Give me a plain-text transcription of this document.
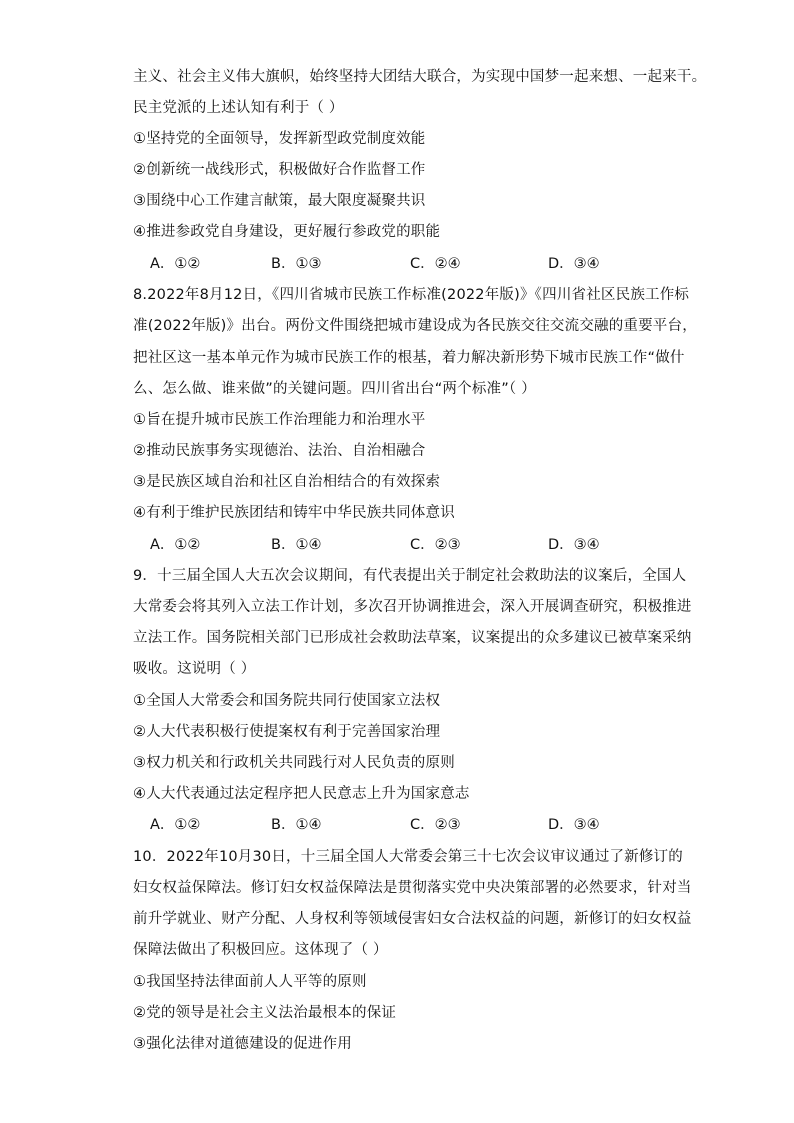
主义、社会主义伟大旗帜，始终坚持大团结大联合，为实现中国梦一起来想、一起来干。
民主党派的上述认知有利于（ ）
①坚持党的全面领导，发挥新型政党制度效能
②创新统一战线形式，积极做好合作监督工作
③围绕中心工作建言献策，最大限度凝聚共识
④推进参政党自身建设，更好履行参政党的职能
A．①②	B．①③	C．②④	D．③④
8.2022年8月12日，《四川省城市民族工作标准(2022年版)》《四川省社区民族工作标
准(2022年版)》出台。两份文件围绕把城市建设成为各民族交往交流交融的重要平台，
把社区这一基本单元作为城市民族工作的根基，着力解决新形势下城市民族工作“做什
么、怎么做、谁来做”的关键问题。四川省出台“两个标准”（ ）
①旨在提升城市民族工作治理能力和治理水平
②推动民族事务实现德治、法治、自治相融合
③是民族区域自治和社区自治相结合的有效探索
④有利于维护民族团结和铸牢中华民族共同体意识
A．①②	B．①④	C．②③	D．③④
9．十三届全国人大五次会议期间，有代表提出关于制定社会救助法的议案后，全国人
大常委会将其列入立法工作计划，多次召开协调推进会，深入开展调查研究，积极推进
立法工作。国务院相关部门已形成社会救助法草案，议案提出的众多建议已被草案采纳
吸收。这说明（ ）
①全国人大常委会和国务院共同行使国家立法权
②人大代表积极行使提案权有利于完善国家治理
③权力机关和行政机关共同践行对人民负责的原则
④人大代表通过法定程序把人民意志上升为国家意志
A．①②	B．①④	C．②③	D．③④
10．2022年10月30日，十三届全国人大常委会第三十七次会议审议通过了新修订的
妇女权益保障法。修订妇女权益保障法是贯彻落实党中央决策部署的必然要求，针对当
前升学就业、财产分配、人身权利等领域侵害妇女合法权益的问题，新修订的妇女权益
保障法做出了积极回应。这体现了（ ）
①我国坚持法律面前人人平等的原则
②党的领导是社会主义法治最根本的保证
③强化法律对道德建设的促进作用
